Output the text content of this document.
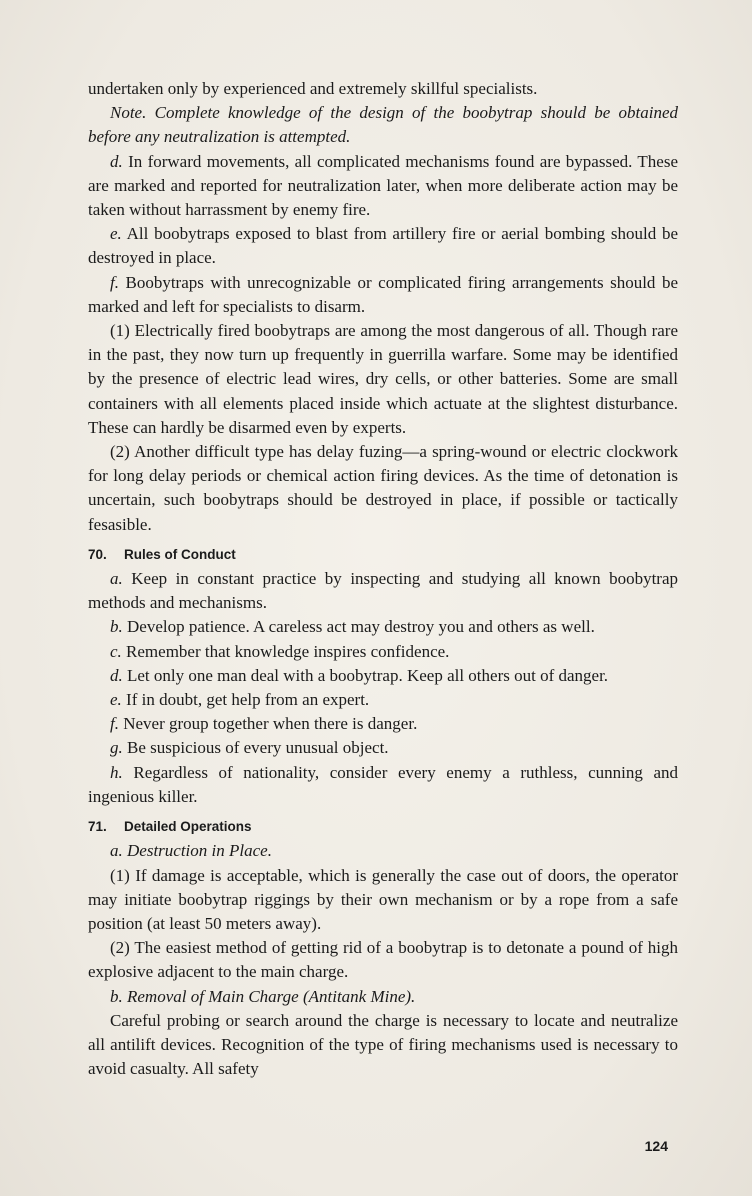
undertaken only by experienced and extremely skillful specialists.

Note. Complete knowledge of the design of the boobytrap should be obtained before any neutralization is attempted.

d. In forward movements, all complicated mechanisms found are bypassed. These are marked and reported for neutralization later, when more deliberate action may be taken without harrassment by enemy fire.

e. All boobytraps exposed to blast from artillery fire or aerial bombing should be destroyed in place.

f. Boobytraps with unrecognizable or complicated firing arrangements should be marked and left for specialists to disarm.

(1) Electrically fired boobytraps are among the most dangerous of all. Though rare in the past, they now turn up frequently in guerrilla warfare. Some may be identified by the presence of electric lead wires, dry cells, or other batteries. Some are small containers with all elements placed inside which actuate at the slightest disturbance. These can hardly be disarmed even by experts.

(2) Another difficult type has delay fuzing—a spring-wound or electric clockwork for long delay periods or chemical action firing devices. As the time of detonation is uncertain, such boobytraps should be destroyed in place, if possible or tactically fesasible.

70. Rules of Conduct

a. Keep in constant practice by inspecting and studying all known boobytrap methods and mechanisms.

b. Develop patience. A careless act may destroy you and others as well.

c. Remember that knowledge inspires confidence.

d. Let only one man deal with a boobytrap. Keep all others out of danger.

e. If in doubt, get help from an expert.

f. Never group together when there is danger.

g. Be suspicious of every unusual object.

h. Regardless of nationality, consider every enemy a ruthless, cunning and ingenious killer.

71. Detailed Operations

a. Destruction in Place.

(1) If damage is acceptable, which is generally the case out of doors, the operator may initiate boobytrap riggings by their own mechanism or by a rope from a safe position (at least 50 meters away).

(2) The easiest method of getting rid of a boobytrap is to detonate a pound of high explosive adjacent to the main charge.

b. Removal of Main Charge (Antitank Mine).

Careful probing or search around the charge is necessary to locate and neutralize all antilift devices. Recognition of the type of firing mechanisms used is necessary to avoid casualty. All safety

124
